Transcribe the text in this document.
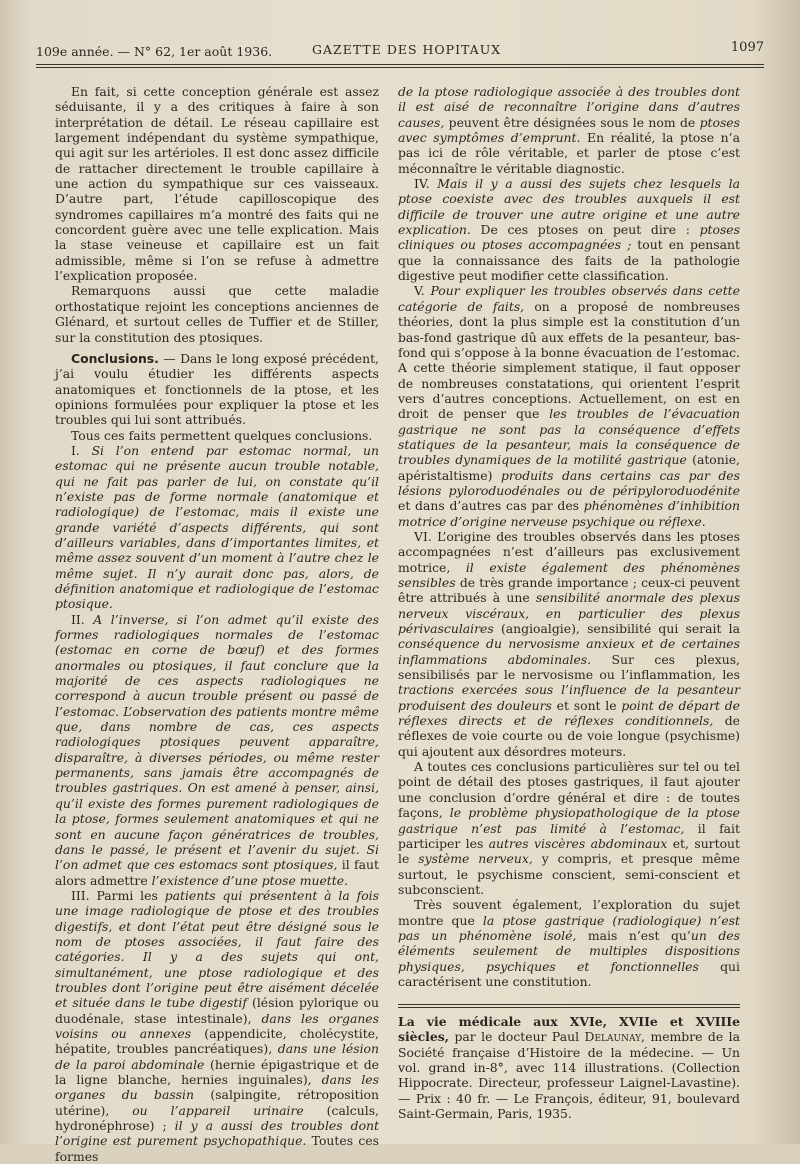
109e année. — N° 62, 1er août 1936.	GAZETTE DES HOPITAUX	1097

En fait, si cette conception générale est assez séduisante, il y a des critiques à faire à son interprétation de détail. Le réseau capillaire est largement indépendant du système sympathique, qui agit sur les artérioles. Il est donc assez difficile de rattacher directement le trouble capillaire à une action du sympathique sur ces vaisseaux. D’autre part, l’étude capilloscopique des syndromes capillaires m’a montré des faits qui ne concordent guère avec une telle explication. Mais la stase veineuse et capillaire est un fait admissible, même si l’on se refuse à admettre l’explication proposée.

Remarquons aussi que cette maladie orthostatique rejoint les conceptions anciennes de Glénard, et surtout celles de Tuffier et de Stiller, sur la constitution des ptosiques.

Conclusions. — Dans le long exposé précédent, j’ai voulu étudier les différents aspects anatomiques et fonctionnels de la ptose, et les opinions formulées pour expliquer la ptose et les troubles qui lui sont attribués.

Tous ces faits permettent quelques conclusions.

I. Si l’on entend par estomac normal, un estomac qui ne présente aucun trouble notable, qui ne fait pas parler de lui, on constate qu’il n’existe pas de forme normale (anatomique et radiologique) de l’estomac, mais il existe une grande variété d’aspects différents, qui sont d’ailleurs variables, dans d’importantes limites, et même assez souvent d’un moment à l’autre chez le même sujet. Il n’y aurait donc pas, alors, de définition anatomique et radiologique de l’estomac ptosique.

II. A l’inverse, si l’on admet qu’il existe des formes radiologiques normales de l’estomac (estomac en corne de bœuf) et des formes anormales ou ptosiques, il faut conclure que la majorité de ces aspects radiologiques ne correspond à aucun trouble présent ou passé de l’estomac. L’observation des patients montre même que, dans nombre de cas, ces aspects radiologiques ptosiques peuvent apparaître, disparaître, à diverses périodes, ou même rester permanents, sans jamais être accompagnés de troubles gastriques. On est amené à penser, ainsi, qu’il existe des formes purement radiologiques de la ptose, formes seulement anatomiques et qui ne sont en aucune façon génératrices de troubles, dans le passé, le présent et l’avenir du sujet. Si l’on admet que ces estomacs sont ptosiques, il faut alors admettre l’existence d’une ptose muette.

III. Parmi les patients qui présentent à la fois une image radiologique de ptose et des troubles digestifs, et dont l’état peut être désigné sous le nom de ptoses associées, il faut faire des catégories. Il y a des sujets qui ont, simultanément, une ptose radiologique et des troubles dont l’origine peut être aisément décelée et située dans le tube digestif (lésion pylorique ou duodénale, stase intestinale), dans les organes voisins ou annexes (appendicite, cholécystite, hépatite, troubles pancréatiques), dans une lésion de la paroi abdominale (hernie épigastrique et de la ligne blanche, hernies inguinales), dans les organes du bassin (salpingite, rétroposition utérine), ou l’appareil urinaire (calculs, hydronéphrose) ; il y a aussi des troubles dont l’origine est purement psychopathique. Toutes ces formes

de la ptose radiologique associée à des troubles dont il est aisé de reconnaître l’origine dans d’autres causes, peuvent être désignées sous le nom de ptoses avec symptômes d’emprunt. En réalité, la ptose n’a pas ici de rôle véritable, et parler de ptose c’est méconnaître le véritable diagnostic.

IV. Mais il y a aussi des sujets chez lesquels la ptose coexiste avec des troubles auxquels il est difficile de trouver une autre origine et une autre explication. De ces ptoses on peut dire : ptoses cliniques ou ptoses accompagnées ; tout en pensant que la connaissance des faits de la pathologie digestive peut modifier cette classification.

V. Pour expliquer les troubles observés dans cette catégorie de faits, on a proposé de nombreuses théories, dont la plus simple est la constitution d’un bas-fond gastrique dû aux effets de la pesanteur, bas-fond qui s’oppose à la bonne évacuation de l’estomac. A cette théorie simplement statique, il faut opposer de nombreuses constatations, qui orientent l’esprit vers d’autres conceptions. Actuellement, on est en droit de penser que les troubles de l’évacuation gastrique ne sont pas la conséquence d’effets statiques de la pesanteur, mais la conséquence de troubles dynamiques de la motilité gastrique (atonie, apéristaltisme) produits dans certains cas par des lésions pyloroduodénales ou de péripyloroduodénite et dans d’autres cas par des phénomènes d’inhibition motrice d’origine nerveuse psychique ou réflexe.

VI. L’origine des troubles observés dans les ptoses accompagnées n’est d’ailleurs pas exclusivement motrice, il existe également des phénomènes sensibles de très grande importance ; ceux-ci peuvent être attribués à une sensibilité anormale des plexus nerveux viscéraux, en particulier des plexus périvasculaires (angioalgie), sensibilité qui serait la conséquence du nervosisme anxieux et de certaines inflammations abdominales. Sur ces plexus, sensibilisés par le nervosisme ou l’inflammation, les tractions exercées sous l’influence de la pesanteur produisent des douleurs et sont le point de départ de réflexes directs et de réflexes conditionnels, de réflexes de voie courte ou de voie longue (psychisme) qui ajoutent aux désordres moteurs.

A toutes ces conclusions particulières sur tel ou tel point de détail des ptoses gastriques, il faut ajouter une conclusion d’ordre général et dire : de toutes façons, le problème physiopathologique de la ptose gastrique n’est pas limité à l’estomac, il fait participer les autres viscères abdominaux et, surtout le système nerveux, y compris, et presque même surtout, le psychisme conscient, semi-conscient et subconscient.

Très souvent également, l’exploration du sujet montre que la ptose gastrique (radiologique) n’est pas un phénomène isolé, mais n’est qu’un des éléments seulement de multiples dispositions physiques, psychiques et fonctionnelles qui caractérisent une constitution.

La vie médicale aux XVIe, XVIIe et XVIIIe siècles, par le docteur Paul Delaunay, membre de la Société française d’Histoire de la médecine. — Un vol. grand in-8°, avec 114 illustrations. (Collection Hippocrate. Directeur, professeur Laignel-Lavastine). — Prix : 40 fr. — Le François, éditeur, 91, boulevard Saint-Germain, Paris, 1935.
